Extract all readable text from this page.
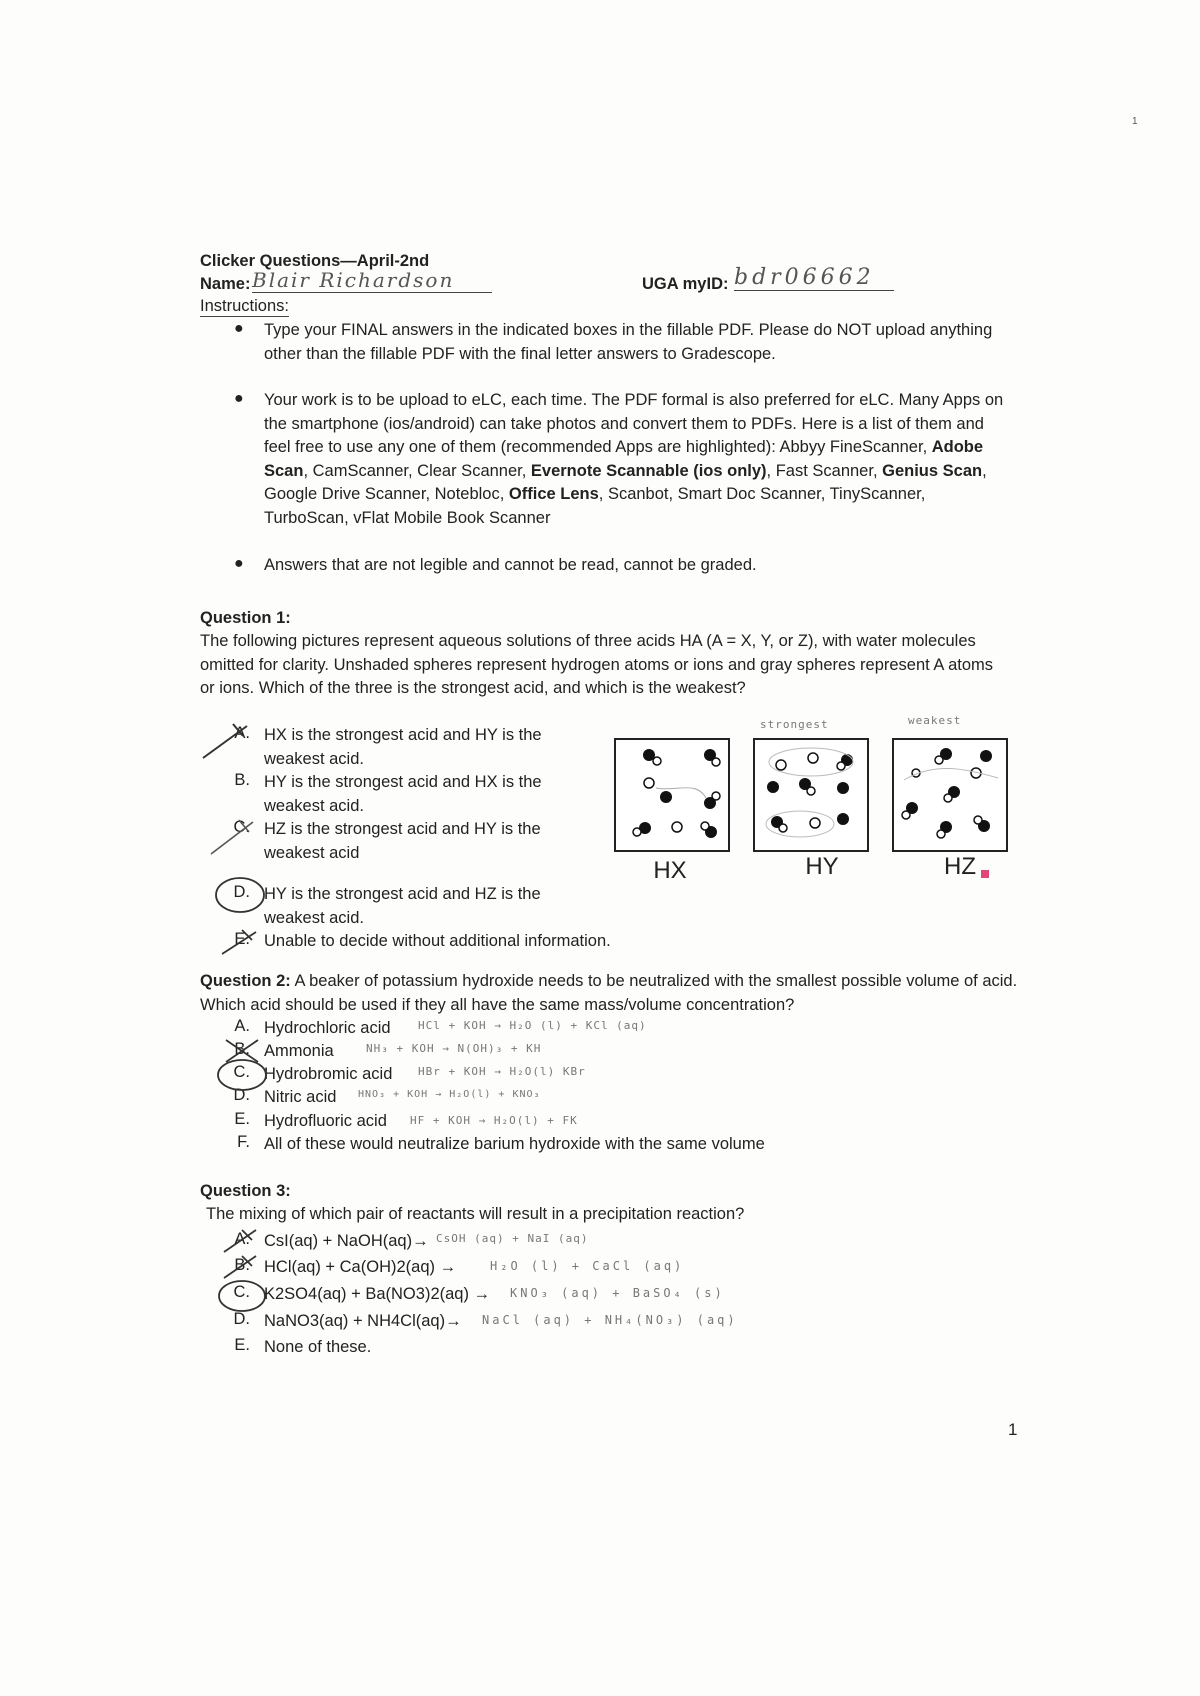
1
Clicker Questions—April-2nd
Name: Blair Richardson	UGA myID: bdr06662
Instructions:
● Type your FINAL answers in the indicated boxes in the fillable PDF. Please do NOT upload anything other than the fillable PDF with the final letter answers to Gradescope.
● Your work is to be upload to eLC, each time. The PDF formal is also preferred for eLC. Many Apps on the smartphone (ios/android) can take photos and convert them to PDFs. Here is a list of them and feel free to use any one of them (recommended Apps are highlighted): Abbyy FineScanner, Adobe Scan, CamScanner, Clear Scanner, Evernote Scannable (ios only), Fast Scanner, Genius Scan, Google Drive Scanner, Notebloc, Office Lens, Scanbot, Smart Doc Scanner, TinyScanner, TurboScan, vFlat Mobile Book Scanner
● Answers that are not legible and cannot be read, cannot be graded.
Question 1:
The following pictures represent aqueous solutions of three acids HA (A = X, Y, or Z), with water molecules omitted for clarity. Unshaded spheres represent hydrogen atoms or ions and gray spheres represent A atoms or ions. Which of the three is the strongest acid, and which is the weakest?
A. HX is the strongest acid and HY is the weakest acid.
B. HY is the strongest acid and HX is the weakest acid.
C. HZ is the strongest acid and HY is the weakest acid
D. HY is the strongest acid and HZ is the weakest acid.
E. Unable to decide without additional information.
strongest	weakest
HX	HY	HZ
Question 2: A beaker of potassium hydroxide needs to be neutralized with the smallest possible volume of acid. Which acid should be used if they all have the same mass/volume concentration?
A. Hydrochloric acid HCl + KOH → H₂O (l) + KCl (aq)
B. Ammonia	NH₃ + KOH → N(OH)₃ + KH
C. Hydrobromic acid HBr + KOH → H₂O(l) KBr
D. Nitric acid HNO₃ + KOH → H₂O(l) + KNO₃
E. Hydrofluoric acid HF + KOH → H₂O(l) + FK
F. All of these would neutralize barium hydroxide with the same volume
Question 3:
The mixing of which pair of reactants will result in a precipitation reaction?
A. CsI(aq) + NaOH(aq)→ CsOH (aq) + NaI (aq)
B. HCl(aq) + Ca(OH)2(aq) →	H₂O (l) + CaCl (aq)
C. K2SO4(aq) + Ba(NO3)2(aq) → KNO₃ (aq) + BaSO₄ (s)
D. NaNO3(aq) + NH4Cl(aq)→ NaCl (aq) + NH₄(NO₃) (aq)
E. None of these.
1
